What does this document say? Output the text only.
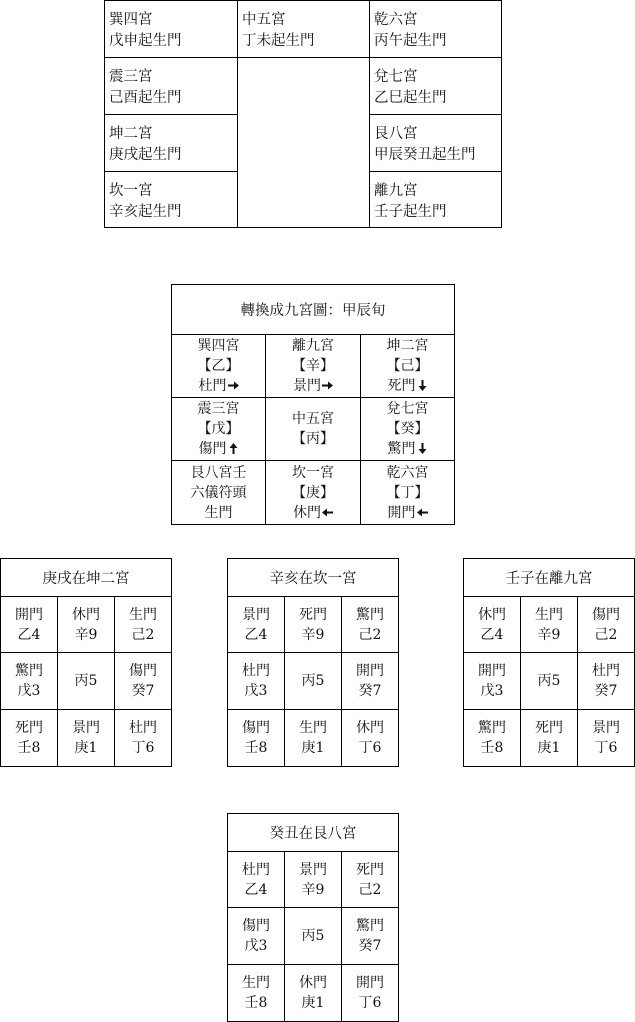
巽四宮
戊申起生門
震三宮
己酉起生門
坤二宮
庚戌起生門
坎一宮
辛亥起生門
中五宮
丁未起生門
乾六宮
丙午起生門
兌七宮
乙巳起生門
艮八宮
甲辰癸丑起生門
離九宮
壬子起生門
轉換成九宮圖：甲辰旬
巽四宮
【乙】
杜門
離九宮
【辛】
景門
坤二宮
【己】
死門
震三宮
【戊】
傷門
中五宮
【丙】
兌七宮
【癸】
驚門
艮八宮壬
六儀符頭
生門
坎一宮
【庚】
休門
乾六宮
【丁】
開門
庚戌在坤二宮
開門
乙4
休門
辛9
生門
己2
驚門
戊3
丙5
傷門
癸7
死門
壬8
景門
庚1
杜門
丁6
辛亥在坎一宮
景門
乙4
死門
辛9
驚門
己2
杜門
戊3
丙5
開門
癸7
傷門
壬8
生門
庚1
休門
丁6
壬子在離九宮
休門
乙4
生門
辛9
傷門
己2
開門
戊3
丙5
杜門
癸7
驚門
壬8
死門
庚1
景門
丁6
癸丑在艮八宮
杜門
乙4
景門
辛9
死門
己2
傷門
戊3
丙5
驚門
癸7
生門
壬8
休門
庚1
開門
丁6
